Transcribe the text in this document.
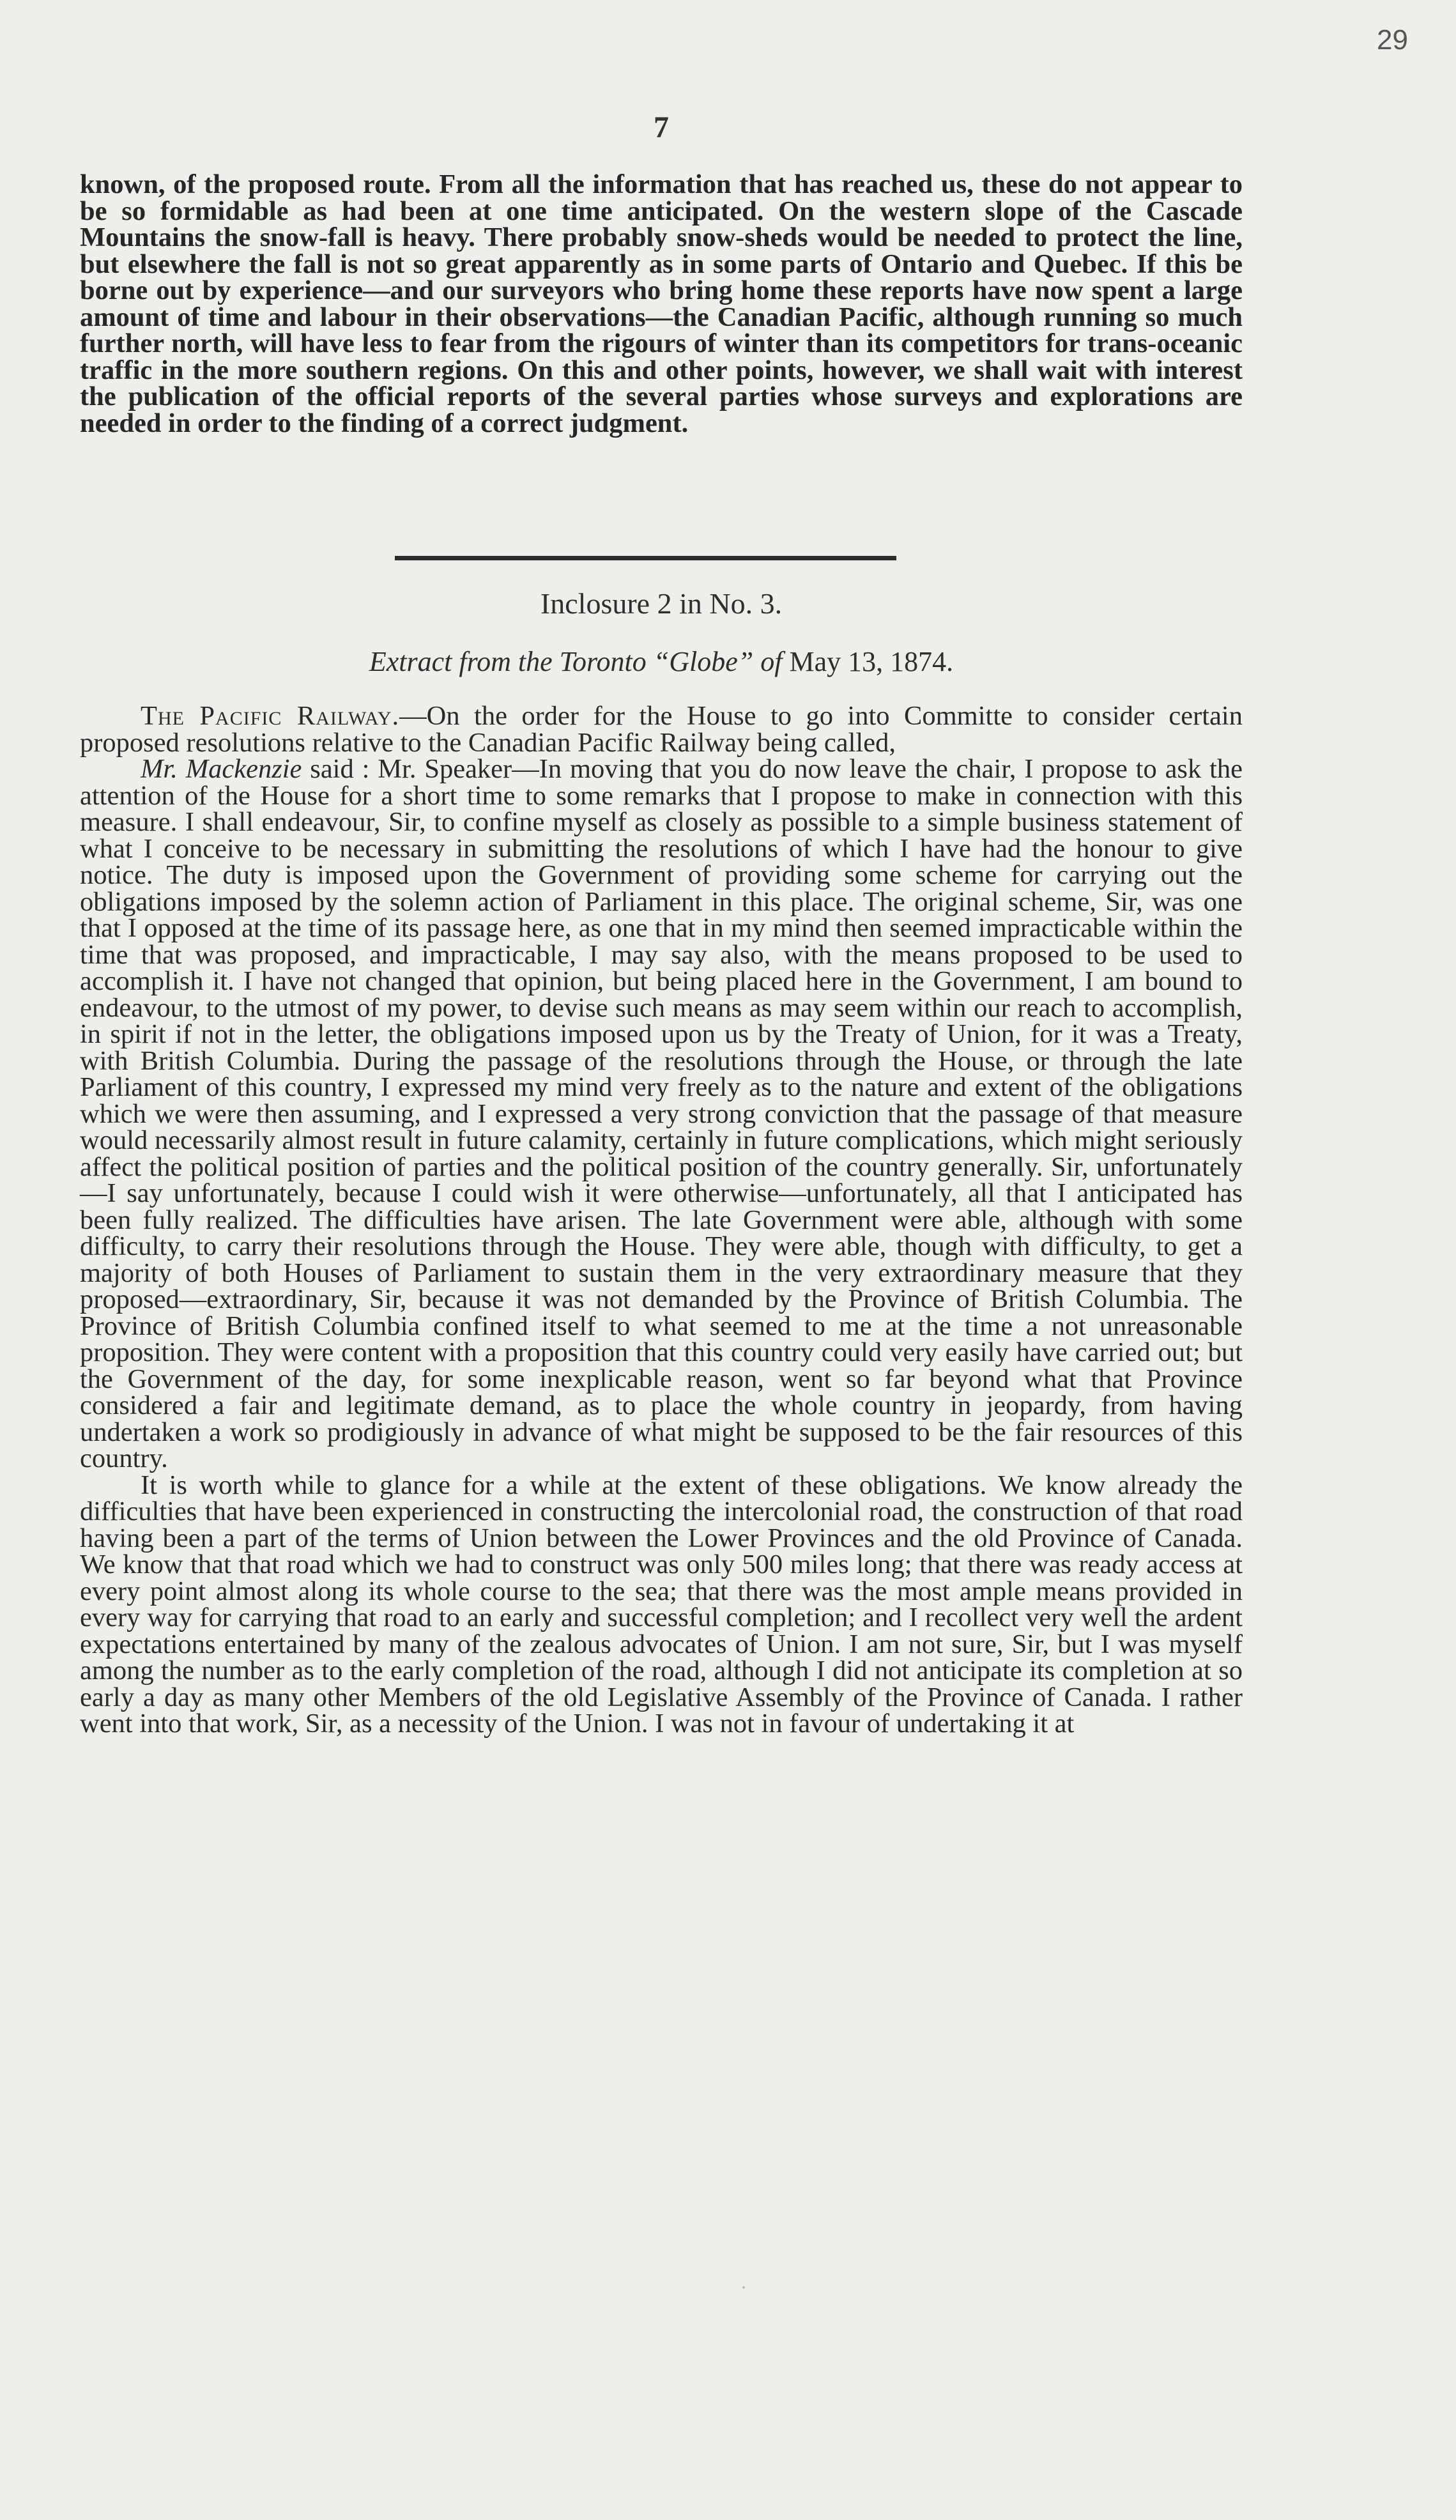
29
7

known, of the proposed route. From all the information that has reached us, these do not appear to be so formidable as had been at one time anticipated. On the western slope of the Cascade Mountains the snow-fall is heavy. There probably snow-sheds would be needed to protect the line, but elsewhere the fall is not so great apparently as in some parts of Ontario and Quebec. If this be borne out by experience—and our surveyors who bring home these reports have now spent a large amount of time and labour in their observations—the Canadian Pacific, although running so much further north, will have less to fear from the rigours of winter than its competitors for trans-oceanic traffic in the more southern regions. On this and other points, however, we shall wait with interest the publication of the official reports of the several parties whose surveys and explorations are needed in order to the finding of a correct judgment.

Inclosure 2 in No. 3.
Extract from the Toronto “Globe” of May 13, 1874.

The Pacific Railway.—On the order for the House to go into Committe to consider certain proposed resolutions relative to the Canadian Pacific Railway being called,

Mr. Mackenzie said : Mr. Speaker—In moving that you do now leave the chair, I propose to ask the attention of the House for a short time to some remarks that I propose to make in connection with this measure. I shall endeavour, Sir, to confine myself as closely as possible to a simple business statement of what I conceive to be necessary in submitting the resolutions of which I have had the honour to give notice. The duty is imposed upon the Government of providing some scheme for carrying out the obligations imposed by the solemn action of Parliament in this place. The original scheme, Sir, was one that I opposed at the time of its passage here, as one that in my mind then seemed impracticable within the time that was proposed, and impracticable, I may say also, with the means proposed to be used to accomplish it. I have not changed that opinion, but being placed here in the Government, I am bound to endeavour, to the utmost of my power, to devise such means as may seem within our reach to accomplish, in spirit if not in the letter, the obligations imposed upon us by the Treaty of Union, for it was a Treaty, with British Columbia. During the passage of the resolutions through the House, or through the late Parliament of this country, I expressed my mind very freely as to the nature and extent of the obligations which we were then assuming, and I expressed a very strong conviction that the passage of that measure would necessarily almost result in future calamity, certainly in future complications, which might seriously affect the political position of parties and the political position of the country generally. Sir, unfortunately—I say unfortunately, because I could wish it were otherwise—unfortunately, all that I anticipated has been fully realized. The difficulties have arisen. The late Government were able, although with some difficulty, to carry their resolutions through the House. They were able, though with difficulty, to get a majority of both Houses of Parliament to sustain them in the very extraordinary measure that they proposed—extraordinary, Sir, because it was not demanded by the Province of British Columbia. The Province of British Columbia confined itself to what seemed to me at the time a not unreasonable proposition. They were content with a proposition that this country could very easily have carried out; but the Government of the day, for some inexplicable reason, went so far beyond what that Province considered a fair and legitimate demand, as to place the whole country in jeopardy, from having undertaken a work so prodigiously in advance of what might be supposed to be the fair resources of this country.

It is worth while to glance for a while at the extent of these obligations. We know already the difficulties that have been experienced in constructing the intercolonial road, the construction of that road having been a part of the terms of Union between the Lower Provinces and the old Province of Canada. We know that that road which we had to construct was only 500 miles long; that there was ready access at every point almost along its whole course to the sea; that there was the most ample means provided in every way for carrying that road to an early and successful completion; and I recollect very well the ardent expectations entertained by many of the zealous advocates of Union. I am not sure, Sir, but I was myself among the number as to the early completion of the road, although I did not anticipate its completion at so early a day as many other Members of the old Legislative Assembly of the Province of Canada. I rather went into that work, Sir, as a necessity of the Union. I was not in favour of undertaking it at
